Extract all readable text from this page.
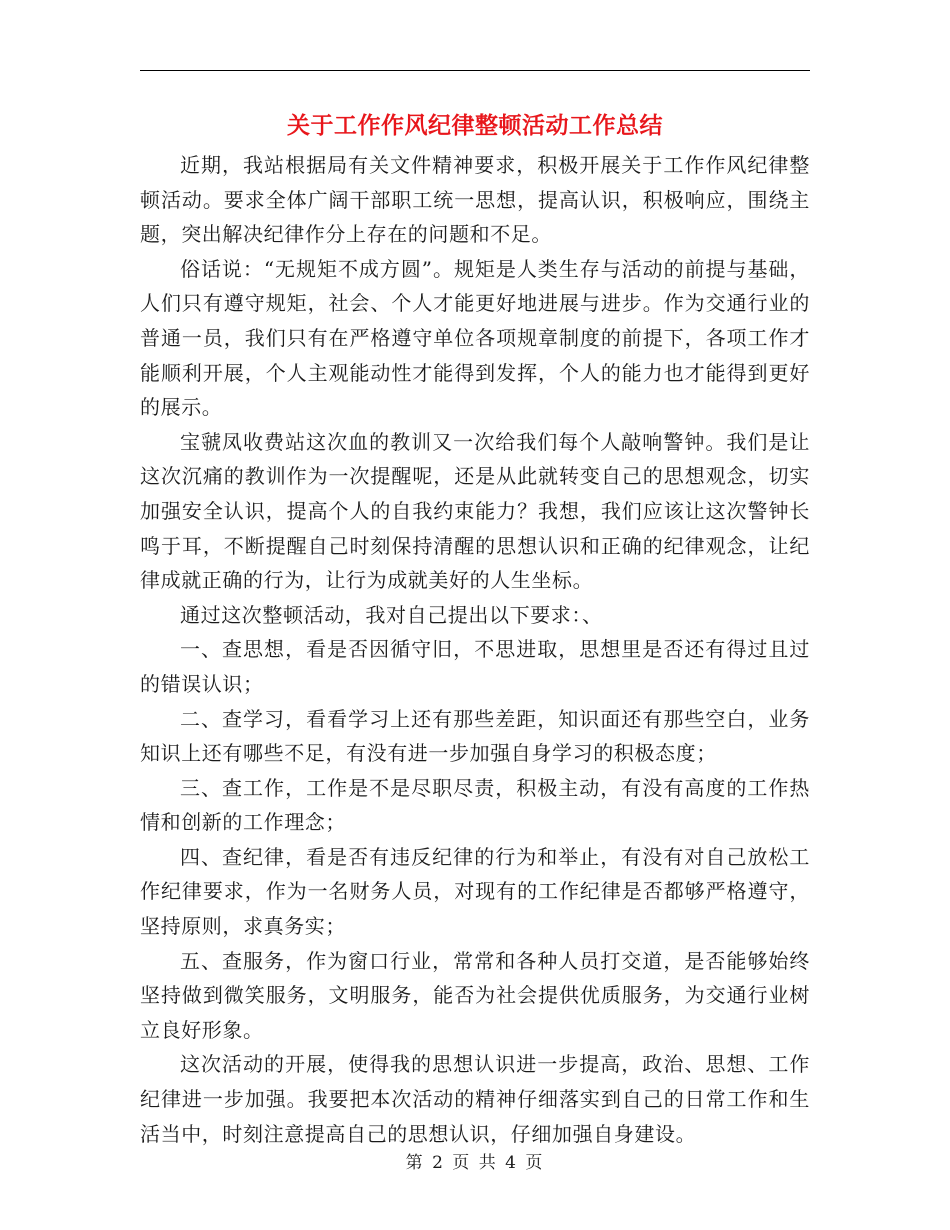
关于工作作风纪律整顿活动工作总结

近期，我站根据局有关文件精神要求，积极开展关于工作作风纪律整顿活动。要求全体广阔干部职工统一思想，提高认识，积极响应，围绕主题，突出解决纪律作分上存在的问题和不足。

俗话说：“无规矩不成方圆”。规矩是人类生存与活动的前提与基础，人们只有遵守规矩，社会、个人才能更好地进展与进步。作为交通行业的普通一员，我们只有在严格遵守单位各项规章制度的前提下，各项工作才能顺利开展，个人主观能动性才能得到发挥，个人的能力也才能得到更好的展示。

宝虢凤收费站这次血的教训又一次给我们每个人敲响警钟。我们是让这次沉痛的教训作为一次提醒呢，还是从此就转变自己的思想观念，切实加强安全认识，提高个人的自我约束能力？我想，我们应该让这次警钟长鸣于耳，不断提醒自己时刻保持清醒的思想认识和正确的纪律观念，让纪律成就正确的行为，让行为成就美好的人生坐标。

通过这次整顿活动，我对自己提出以下要求：、

一、查思想，看是否因循守旧，不思进取，思想里是否还有得过且过的错误认识；

二、查学习，看看学习上还有那些差距，知识面还有那些空白，业务知识上还有哪些不足，有没有进一步加强自身学习的积极态度；

三、查工作，工作是不是尽职尽责，积极主动，有没有高度的工作热情和创新的工作理念；

四、查纪律，看是否有违反纪律的行为和举止，有没有对自己放松工作纪律要求，作为一名财务人员，对现有的工作纪律是否都够严格遵守，坚持原则，求真务实；

五、查服务，作为窗口行业，常常和各种人员打交道，是否能够始终坚持做到微笑服务，文明服务，能否为社会提供优质服务，为交通行业树立良好形象。

这次活动的开展，使得我的思想认识进一步提高，政治、思想、工作纪律进一步加强。我要把本次活动的精神仔细落实到自己的日常工作和生活当中，时刻注意提高自己的思想认识，仔细加强自身建设。

第 2 页 共 4 页
